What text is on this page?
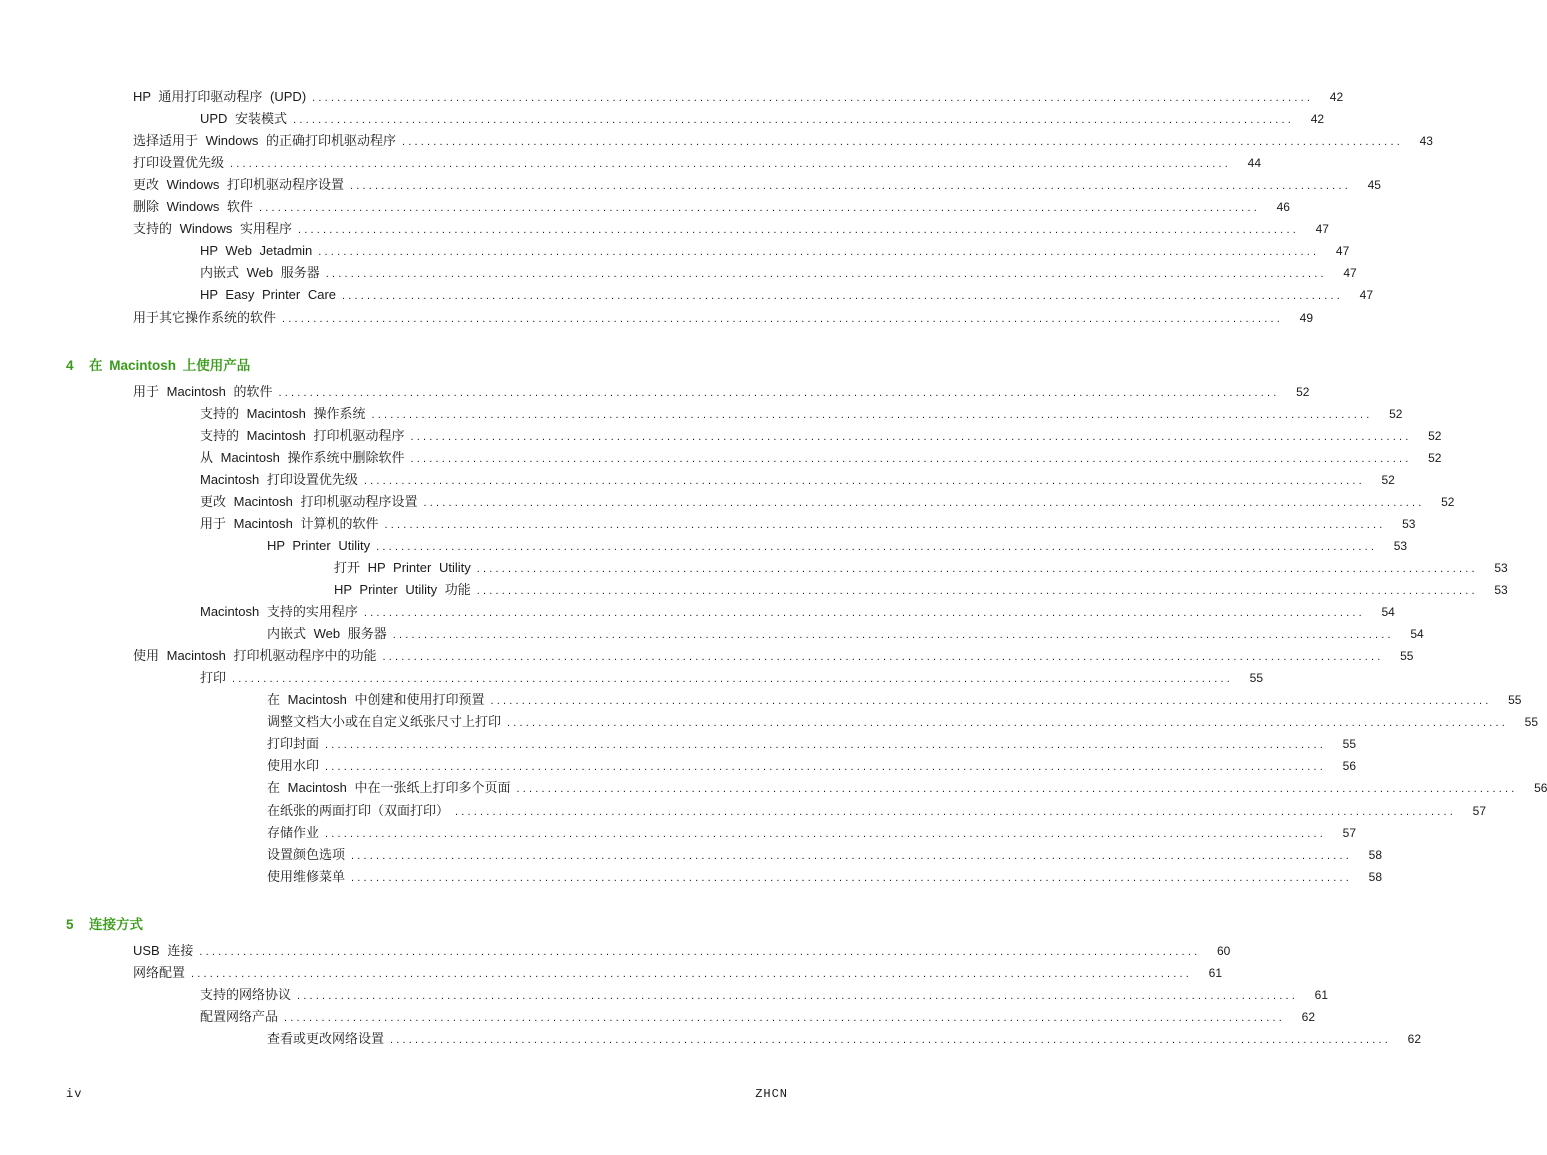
HP 通用打印驱动程序 (UPD) ................................................................................................................................................................	42
UPD 安装模式 ................................................................................................................................................................	42
选择适用于 Windows 的正确打印机驱动程序 ................................................................................................................................................................	43
打印设置优先级 ................................................................................................................................................................	44
更改 Windows 打印机驱动程序设置 ................................................................................................................................................................	45
删除 Windows 软件 ................................................................................................................................................................	46
支持的 Windows 实用程序 ................................................................................................................................................................	47
HP Web Jetadmin ................................................................................................................................................................	47
内嵌式 Web 服务器 ................................................................................................................................................................	47
HP Easy Printer Care ................................................................................................................................................................	47
用于其它操作系统的软件 ................................................................................................................................................................	49
4 在 Macintosh 上使用产品
用于 Macintosh 的软件 ................................................................................................................................................................	52
支持的 Macintosh 操作系统 ................................................................................................................................................................	52
支持的 Macintosh 打印机驱动程序 ................................................................................................................................................................	52
从 Macintosh 操作系统中删除软件 ................................................................................................................................................................	52
Macintosh 打印设置优先级 ................................................................................................................................................................	52
更改 Macintosh 打印机驱动程序设置 ................................................................................................................................................................	52
用于 Macintosh 计算机的软件 ................................................................................................................................................................	53
HP Printer Utility ................................................................................................................................................................	53
打开 HP Printer Utility ................................................................................................................................................................	53
HP Printer Utility 功能 ................................................................................................................................................................	53
Macintosh 支持的实用程序 ................................................................................................................................................................	54
内嵌式 Web 服务器 ................................................................................................................................................................	54
使用 Macintosh 打印机驱动程序中的功能 ................................................................................................................................................................	55
打印 ................................................................................................................................................................	55
在 Macintosh 中创建和使用打印预置 ................................................................................................................................................................	55
调整文档大小或在自定义纸张尺寸上打印 ................................................................................................................................................................	55
打印封面 ................................................................................................................................................................	55
使用水印 ................................................................................................................................................................	56
在 Macintosh 中在一张纸上打印多个页面 ................................................................................................................................................................	56
在纸张的两面打印（双面打印） ................................................................................................................................................................	57
存储作业 ................................................................................................................................................................	57
设置颜色选项 ................................................................................................................................................................	58
使用维修菜单 ................................................................................................................................................................	58
5 连接方式
USB 连接 ................................................................................................................................................................	60
网络配置 ................................................................................................................................................................	61
支持的网络协议 ................................................................................................................................................................	61
配置网络产品 ................................................................................................................................................................	62
查看或更改网络设置 ................................................................................................................................................................	62
iv	ZHCN
